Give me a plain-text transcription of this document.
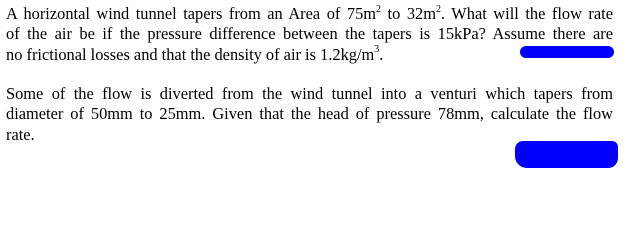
A horizontal wind tunnel tapers from an Area of $75m^2$ to $32m^2$. What will the flow rate
of the air be if the pressure difference between the tapers is 15kPa? Assume there are
no frictional losses and that the density of air is $1.2kg/m^3$.

Some of the flow is diverted from the wind tunnel into a venturi which tapers from
diameter of 50mm to 25mm. Given that the head of pressure 78mm, calculate the flow
rate.
